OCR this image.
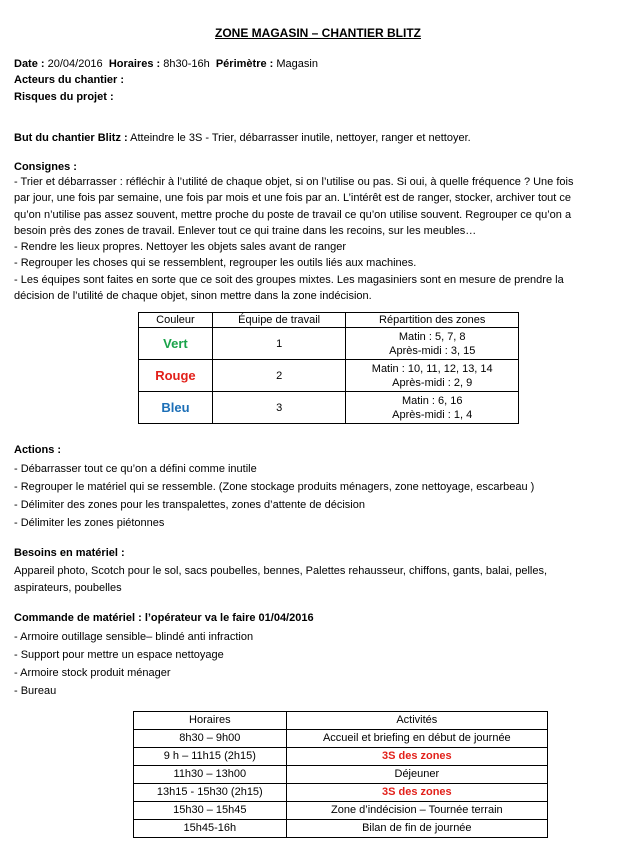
ZONE MAGASIN – CHANTIER BLITZ
Date : 20/04/2016 Horaires : 8h30-16h Périmètre : Magasin
Acteurs du chantier :
Risques du projet :
But du chantier Blitz : Atteindre le 3S - Trier, débarrasser inutile, nettoyer, ranger et nettoyer.
Consignes :
- Trier et débarrasser : réfléchir à l’utilité de chaque objet, si on l’utilise ou pas. Si oui, à quelle fréquence ? Une fois
par jour, une fois par semaine, une fois par mois et une fois par an. L’intérêt est de ranger, stocker, archiver tout ce
qu’on n’utilise pas assez souvent, mettre proche du poste de travail ce qu’on utilise souvent. Regrouper ce qu’on a
besoin près des zones de travail. Enlever tout ce qui traine dans les recoins, sur les meubles…
- Rendre les lieux propres. Nettoyer les objets sales avant de ranger
- Regrouper les choses qui se ressemblent, regrouper les outils liés aux machines.
- Les équipes sont faites en sorte que ce soit des groupes mixtes. Les magasiniers sont en mesure de prendre la
décision de l’utilité de chaque objet, sinon mettre dans la zone indécision.
Couleur	Équipe de travail	Répartition des zones
Vert	1	Matin : 5, 7, 8
Après-midi : 3, 15

Rouge	2	Matin : 10, 11, 12, 13, 14
Après-midi : 2, 9

Bleu	3	Matin : 6, 16
Après-midi : 1, 4
Actions :
- Débarrasser tout ce qu’on a défini comme inutile
- Regrouper le matériel qui se ressemble. (Zone stockage produits ménagers, zone nettoyage, escarbeau )
- Délimiter des zones pour les transpalettes, zones d’attente de décision
- Délimiter les zones piétonnes
Besoins en matériel :
Appareil photo, Scotch pour le sol, sacs poubelles, bennes, Palettes rehausseur, chiffons, gants, balai, pelles,
aspirateurs, poubelles
Commande de matériel : l’opérateur va le faire 01/04/2016
- Armoire outillage sensible– blindé anti infraction
- Support pour mettre un espace nettoyage
- Armoire stock produit ménager
- Bureau
Horaires	Activités
8h30 – 9h00	Accueil et briefing en début de journée
9 h – 11h15 (2h15)	3S des zones
11h30 – 13h00	Déjeuner
13h15 - 15h30 (2h15)	3S des zones
15h30 – 15h45	Zone d’indécision – Tournée terrain
15h45-16h	Bilan de fin de journée
